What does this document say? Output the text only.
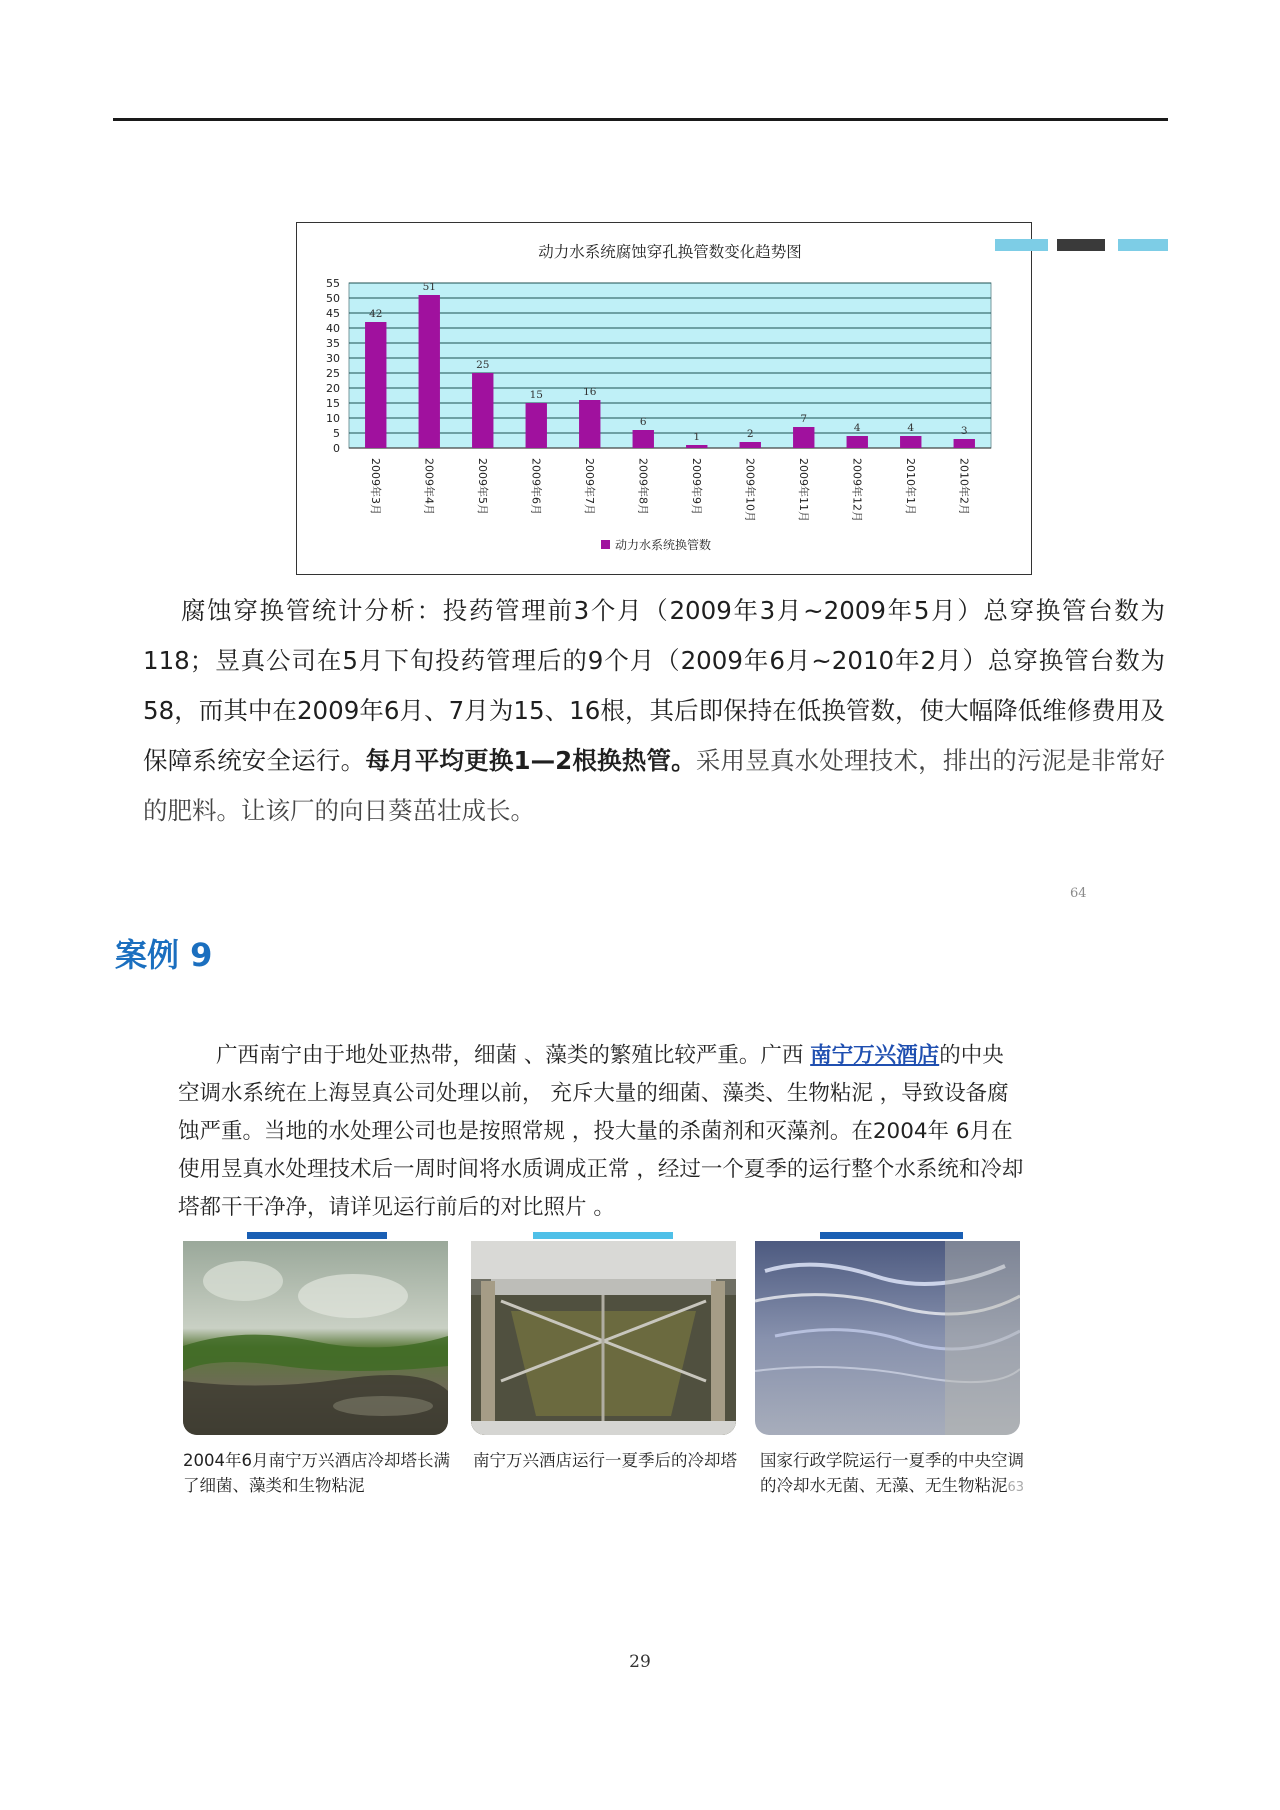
动力水系统腐蚀穿孔换管数变化趋势图
0
5
10
15
20
25
30
35
40
45
50
55
42
2009年3月
51
2009年4月
25
2009年5月
15
2009年6月
16
2009年7月
6
2009年8月
1
2009年9月
2
2009年10月
7
2009年11月
4
2009年12月
4
2010年1月
3
2010年2月
动力水系统换管数

腐蚀穿换管统计分析：投药管理前3个月（2009年3月~2009年5月）总穿换管台数为118；昱真公司在5月下旬投药管理后的9个月（2009年6月~2010年2月）总穿换管台数为58，而其中在2009年6月、7月为15、16根，其后即保持在低换管数，使大幅降低维修费用及保障系统安全运行。每月平均更换1—2根换热管。采用昱真水处理技术，排出的污泥是非常好的肥料。让该厂的向日葵茁壮成长。

64
案例 9

广西南宁由于地处亚热带，细菌 、藻类的繁殖比较严重。广西 南宁万兴酒店的中央空调水系统在上海昱真公司处理以前， 充斥大量的细菌、藻类、生物粘泥 ，导致设备腐蚀严重。当地的水处理公司也是按照常规 ，投大量的杀菌剂和灭藻剂。在2004年 6月在使用昱真水处理技术后一周时间将水质调成正常 ，经过一个夏季的运行整个水系统和冷却塔都干干净净，请详见运行前后的对比照片 。

2004年6月南宁万兴酒店冷却塔长满了细菌、藻类和生物粘泥
南宁万兴酒店运行一夏季后的冷却塔	国家行政学院运行一夏季的中央空调的冷却水无菌、无藻、无生物粘泥63
29
